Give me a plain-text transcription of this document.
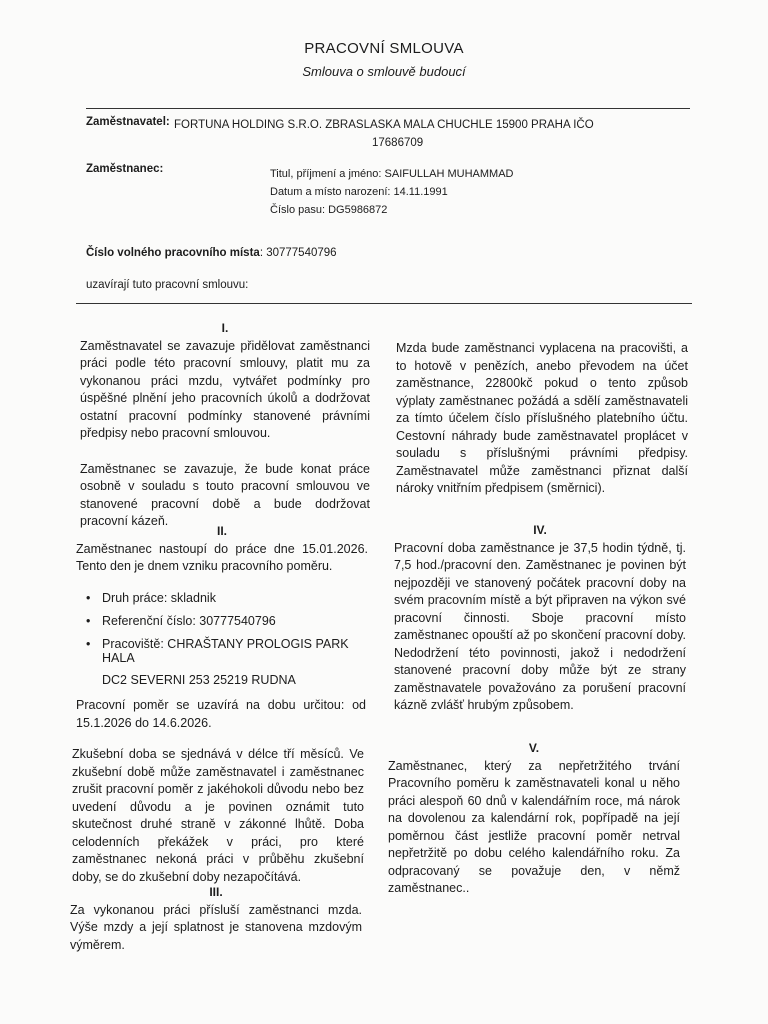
PRACOVNÍ SMLOUVA
Smlouva o smlouvě budoucí
Zaměstnavatel: FORTUNA HOLDING S.R.O. ZBRASLASKA MALA CHUCHLE 15900 PRAHA IČO
17686709
Zaměstnanec:	Titul, příjmení a jméno: SAIFULLAH MUHAMMAD
Datum a místo narození: 14.11.1991
Číslo pasu: DG5986872
Číslo volného pracovního místa: 30777540796
uzavírají tuto pracovní smlouvu:
I.

Zaměstnavatel se zavazuje přidělovat zaměstnanci práci podle této pracovní smlouvy, platit mu za vykonanou práci mzdu, vytvářet podmínky pro úspěšné plnění jeho pracovních úkolů a dodržovat ostatní pracovní podmínky stanovené právními předpisy nebo pracovní smlouvou.

Zaměstnanec se zavazuje, že bude konat práce osobně v souladu s touto pracovní smlouvou ve stanovené pracovní době a bude dodržovat pracovní kázeň.

II.

Zaměstnanec nastoupí do práce dne 15.01.2026. Tento den je dnem vzniku pracovního poměru.

• Druh práce: skladnik
• Referenční číslo: 30777540796
• Pracoviště: CHRAŠTANY PROLOGIS PARK HALA
DC2 SEVERNI 253 25219 RUDNA
Pracovní poměr se uzavírá na dobu určitou: od 15.1.2026 do 14.6.2026.
Zkušební doba se sjednává v délce tří měsíců. Ve zkušební době může zaměstnavatel i zaměstnanec zrušit pracovní poměr z jakéhokoli důvodu nebo bez uvedení důvodu a je povinen oznámit tuto skutečnost druhé straně v zákonné lhůtě. Doba celodenních překážek v práci, pro které zaměstnanec nekoná práci v průběhu zkušební doby, se do zkušební doby nezapočítává.
III.

Za vykonanou práci přísluší zaměstnanci mzda. Výše mzdy a její splatnost je stanovena mzdovým výměrem.

Mzda bude zaměstnanci vyplacena na pracovišti, a to hotově v penězích, anebo převodem na účet zaměstnance, 22800kč pokud o tento způsob výplaty zaměstnanec požádá a sdělí zaměstnavateli za tímto účelem číslo příslušného platebního účtu. Cestovní náhrady bude zaměstnavatel proplácet v souladu s příslušnými právními předpisy. Zaměstnavatel může zaměstnanci přiznat další nároky vnitřním předpisem (směrnici).
IV.

Pracovní doba zaměstnance je 37,5 hodin týdně, tj. 7,5 hod./pracovní den. Zaměstnanec je povinen být nejpozději ve stanovený počátek pracovní doby na svém pracovním místě a být připraven na výkon své pracovní činnosti. Sboje pracovní místo zaměstnanec opouští až po skončení pracovní doby. Nedodržení této povinnosti, jakož i nedodržení stanovené pracovní doby může být ze strany zaměstnavatele považováno za porušení pracovní kázně zvlášť hrubým způsobem.

V.

Zaměstnanec, který za nepřetržitého trvání Pracovního poměru k zaměstnavateli konal u něho práci alespoň 60 dnů v kalendářním roce, má nárok na dovolenou za kalendární rok, popřípadě na její poměrnou část jestliže pracovní poměr netrval nepřetržitě po dobu celého kalendářního roku. Za odpracovaný se považuje den, v němž zaměstnanec..
